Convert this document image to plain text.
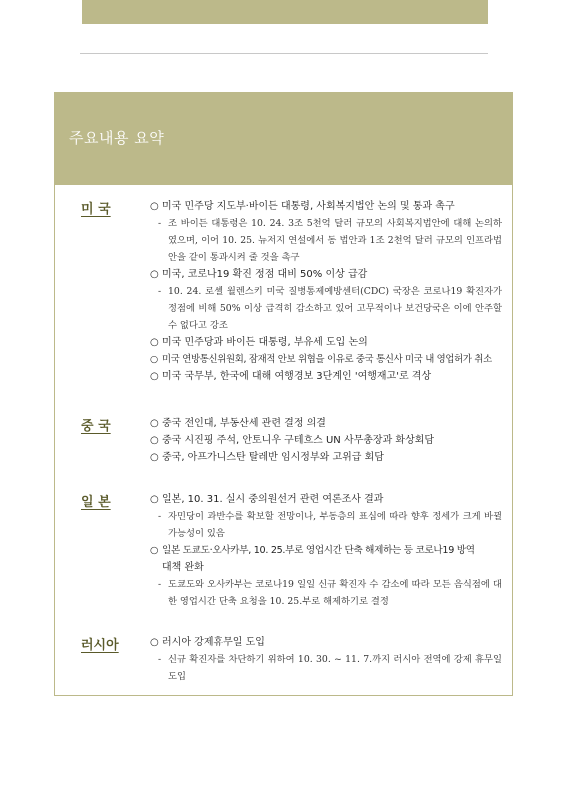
주요내용 요약
미 국	○ 미국 민주당 지도부·바이든 대통령, 사회복지법안 논의 및 통과 촉구

- 조 바이든 대통령은 10. 24. 3조 5천억 달러 규모의 사회복지법안에 대해 논의하였으며, 이어 10. 25. 뉴저지 연설에서 동 법안과 1조 2천억 달러 규모의 인프라법안을 같이 통과시켜 줄 것을 촉구

○ 미국, 코로나19 확진 정점 대비 50% 이상 급감

- 10. 24. 로셸 월렌스키 미국 질병통제예방센터(CDC) 국장은 코로나19 확진자가 정점에 비해 50% 이상 급격히 감소하고 있어 고무적이나 보건당국은 이에 안주할 수 없다고 강조

○ 미국 민주당과 바이든 대통령, 부유세 도입 논의

○ 미국 연방통신위원회, 잠재적 안보 위협을 이유로 중국 통신사 미국 내 영업허가 취소

○ 미국 국무부, 한국에 대해 여행경보 3단계인 '여행재고'로 격상

중 국	○ 중국 전인대, 부동산세 관련 결정 의결

○ 중국 시진핑 주석, 안토니우 구테흐스 UN 사무총장과 화상회담

○ 중국, 아프가니스탄 탈레반 임시정부와 고위급 회담

일 본	○ 일본, 10. 31. 실시 중의원선거 관련 여론조사 결과

- 자민당이 과반수를 확보할 전망이나, 부동층의 표심에 따라 향후 정세가 크게 바뀔 가능성이 있음

○ 일본 도쿄도·오사카부, 10. 25.부로 영업시간 단축 해제하는 등 코로나19 방역

대책 완화

- 도쿄도와 오사카부는 코로나19 일일 신규 확진자 수 감소에 따라 모든 음식점에 대한 영업시간 단축 요청을 10. 25.부로 해제하기로 결정

러시아	○ 러시아 강제휴무일 도입

- 신규 확진자를 차단하기 위하여 10. 30. ~ 11. 7.까지 러시아 전역에 강제 휴무일 도입
